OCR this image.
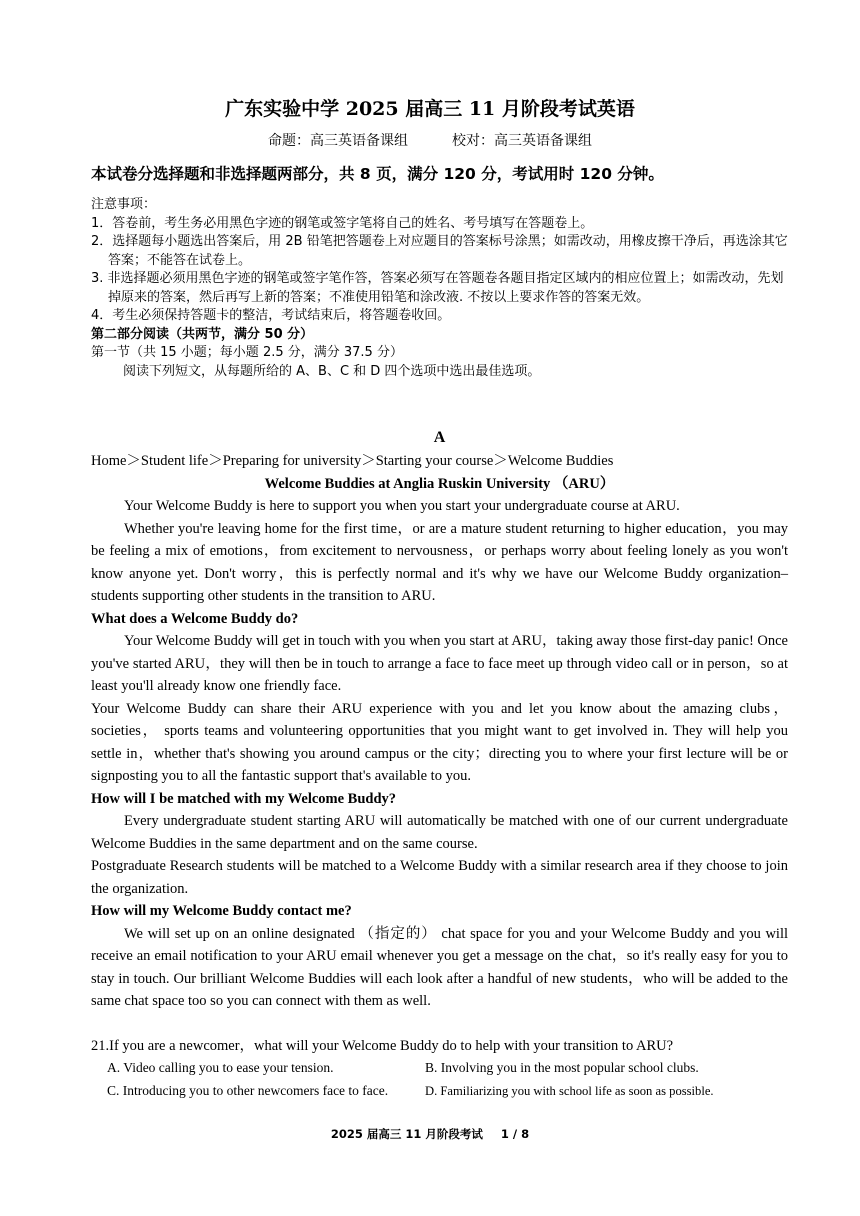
广东实验中学 2025 届高三 11 月阶段考试英语
命题：高三英语备课组	校对：高三英语备课组
本试卷分选择题和非选择题两部分，共 8 页，满分 120 分，考试用时 120 分钟。

注意事项：

1．答卷前，考生务必用黑色字迹的钢笔或签字笔将自己的姓名、考号填写在答题卷上。

2．选择题每小题选出答案后，用 2B 铅笔把答题卷上对应题目的答案标号涂黑；如需改动，用橡皮擦干净后，再选涂其它答案；不能答在试卷上。

3. 非选择题必须用黑色字迹的钢笔或签字笔作答，答案必须写在答题卷各题目指定区域内的相应位置上；如需改动，先划掉原来的答案，然后再写上新的答案；不准使用铅笔和涂改液. 不按以上要求作答的答案无效。

4．考生必须保持答题卡的整洁，考试结束后，将答题卷收回。

第二部分阅读（共两节，满分 50 分）

第一节（共 15 小题；每小题 2.5 分，满分 37.5 分）

阅读下列短文，从每题所给的 A、B、C 和 D 四个选项中选出最佳选项。

A

Home＞Student life＞Preparing for university＞Starting your course＞Welcome Buddies

Welcome Buddies at Anglia Ruskin University （ARU）

Your Welcome Buddy is here to support you when you start your undergraduate course at ARU.

Whether you're leaving home for the first time，or are a mature student returning to higher education，you may be feeling a mix of emotions，from excitement to nervousness，or perhaps worry about feeling lonely as you won't know anyone yet. Don't worry，this is perfectly normal and it's why we have our Welcome Buddy organization–students supporting other students in the transition to ARU.

What does a Welcome Buddy do?

Your Welcome Buddy will get in touch with you when you start at ARU，taking away those first-day panic! Once you've started ARU，they will then be in touch to arrange a face to face meet up through video call or in person，so at least you'll already know one friendly face.

Your Welcome Buddy can share their ARU experience with you and let you know about the amazing clubs，societies， sports teams and volunteering opportunities that you might want to get involved in. They will help you settle in，whether that's showing you around campus or the city；directing you to where your first lecture will be or signposting you to all the fantastic support that's available to you.

How will I be matched with my Welcome Buddy?

Every undergraduate student starting ARU will automatically be matched with one of our current undergraduate Welcome Buddies in the same department and on the same course.

Postgraduate Research students will be matched to a Welcome Buddy with a similar research area if they choose to join the organization.

How will my Welcome Buddy contact me?

We will set up on an online designated （指定的） chat space for you and your Welcome Buddy and you will receive an email notification to your ARU email whenever you get a message on the chat，so it's really easy for you to stay in touch. Our brilliant Welcome Buddies will each look after a handful of new students，who will be added to the same chat space too so you can connect with them as well.

21.If you are a newcomer，what will your Welcome Buddy do to help with your transition to ARU?

A. Video calling you to ease your tension.	B. Involving you in the most popular school clubs.
C. Introducing you to other newcomers face to face.	D. Familiarizing you with school life as soon as possible.
2025 届高三 11 月阶段考试 1 / 8
